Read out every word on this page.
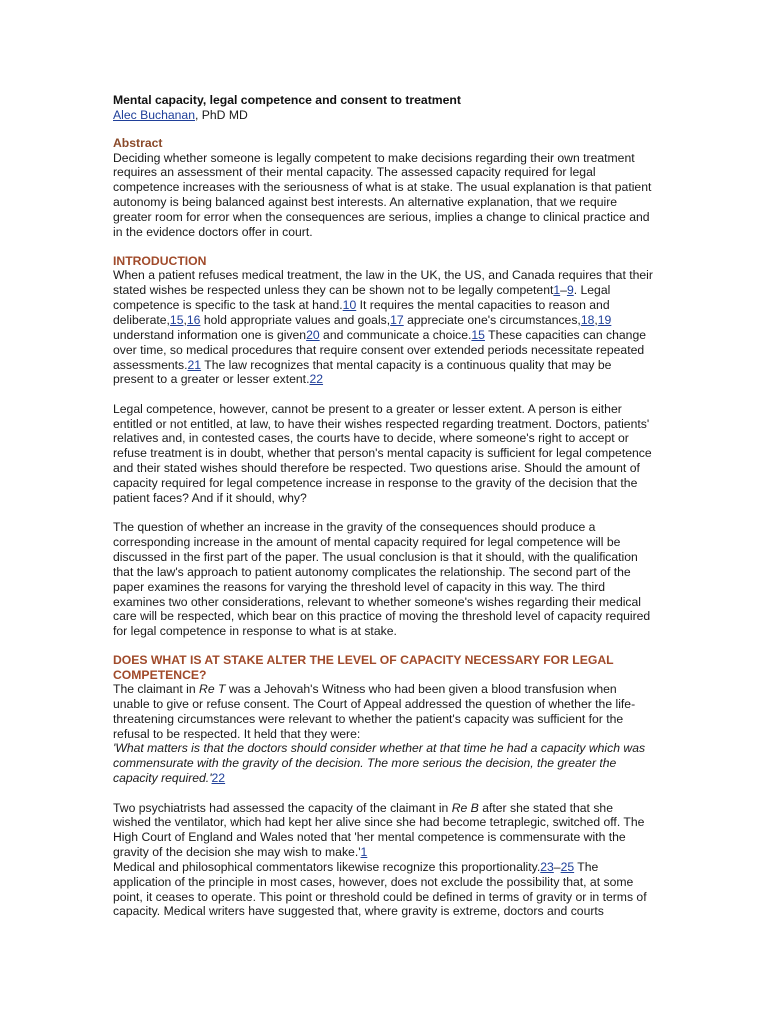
Mental capacity, legal competence and consent to treatment

Alec Buchanan, PhD MD

Abstract

Deciding whether someone is legally competent to make decisions regarding their own treatment requires an assessment of their mental capacity. The assessed capacity required for legal competence increases with the seriousness of what is at stake. The usual explanation is that patient autonomy is being balanced against best interests. An alternative explanation, that we require greater room for error when the consequences are serious, implies a change to clinical practice and in the evidence doctors offer in court.

INTRODUCTION

When a patient refuses medical treatment, the law in the UK, the US, and Canada requires that their stated wishes be respected unless they can be shown not to be legally competent1–9. Legal competence is specific to the task at hand.10 It requires the mental capacities to reason and deliberate,15,16 hold appropriate values and goals,17 appreciate one's circumstances,18,19 understand information one is given20 and communicate a choice.15 These capacities can change over time, so medical procedures that require consent over extended periods necessitate repeated assessments.21 The law recognizes that mental capacity is a continuous quality that may be present to a greater or lesser extent.22

Legal competence, however, cannot be present to a greater or lesser extent. A person is either entitled or not entitled, at law, to have their wishes respected regarding treatment. Doctors, patients' relatives and, in contested cases, the courts have to decide, where someone's right to accept or refuse treatment is in doubt, whether that person's mental capacity is sufficient for legal competence and their stated wishes should therefore be respected. Two questions arise. Should the amount of capacity required for legal competence increase in response to the gravity of the decision that the patient faces? And if it should, why?

The question of whether an increase in the gravity of the consequences should produce a corresponding increase in the amount of mental capacity required for legal competence will be discussed in the first part of the paper. The usual conclusion is that it should, with the qualification that the law's approach to patient autonomy complicates the relationship. The second part of the paper examines the reasons for varying the threshold level of capacity in this way. The third examines two other considerations, relevant to whether someone's wishes regarding their medical care will be respected, which bear on this practice of moving the threshold level of capacity required for legal competence in response to what is at stake.

DOES WHAT IS AT STAKE ALTER THE LEVEL OF CAPACITY NECESSARY FOR LEGAL COMPETENCE?

The claimant in Re T was a Jehovah's Witness who had been given a blood transfusion when unable to give or refuse consent. The Court of Appeal addressed the question of whether the life-threatening circumstances were relevant to whether the patient's capacity was sufficient for the refusal to be respected. It held that they were:

'What matters is that the doctors should consider whether at that time he had a capacity which was commensurate with the gravity of the decision. The more serious the decision, the greater the capacity required.'22

Two psychiatrists had assessed the capacity of the claimant in Re B after she stated that she wished the ventilator, which had kept her alive since she had become tetraplegic, switched off. The High Court of England and Wales noted that 'her mental competence is commensurate with the gravity of the decision she may wish to make.'1

Medical and philosophical commentators likewise recognize this proportionality.23–25 The application of the principle in most cases, however, does not exclude the possibility that, at some point, it ceases to operate. This point or threshold could be defined in terms of gravity or in terms of capacity. Medical writers have suggested that, where gravity is extreme, doctors and courts
